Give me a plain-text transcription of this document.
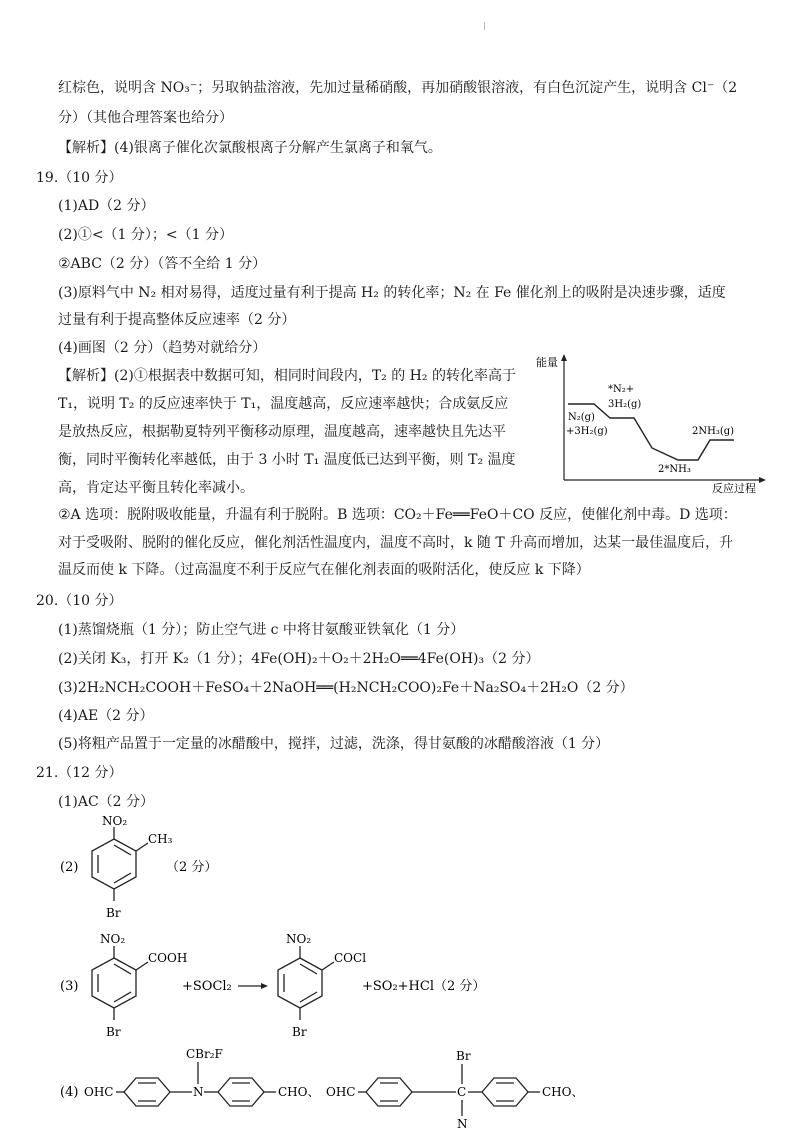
红棕色，说明含 NO₃⁻；另取钠盐溶液，先加过量稀硝酸，再加硝酸银溶液，有白色沉淀产生，说明含 Cl⁻（2
分）（其他合理答案也给分）
【解析】(4)银离子催化次氯酸根离子分解产生氯离子和氧气。
19.（10 分）
(1)AD（2 分）
(2)①<（1 分）；<（1 分）
②ABC（2 分）（答不全给 1 分）
(3)原料气中 N₂ 相对易得，适度过量有利于提高 H₂ 的转化率；N₂ 在 Fe 催化剂上的吸附是决速步骤，适度
过量有利于提高整体反应速率（2 分）
(4)画图（2 分）（趋势对就给分）
【解析】(2)①根据表中数据可知，相同时间段内，T₂ 的 H₂ 的转化率高于
T₁，说明 T₂ 的反应速率快于 T₁，温度越高，反应速率越快；合成氨反应
是放热反应，根据勒夏特列平衡移动原理，温度越高，速率越快且先达平
衡，同时平衡转化率越低，由于 3 小时 T₁ 温度低已达到平衡，则 T₂ 温度
高，肯定达平衡且转化率减小。
能量
反应过程
N₂(g)
+3H₂(g)
*N₂+
3H₂(g)
2*NH₃
2NH₃(g)
②A 选项：脱附吸收能量，升温有利于脱附。B 选项：CO₂＋Fe══FeO＋CO 反应，使催化剂中毒。D 选项：
对于受吸附、脱附的催化反应，催化剂活性温度内，温度不高时，k 随 T 升高而增加，达某一最佳温度后，升
温反而使 k 下降。（过高温度不利于反应气在催化剂表面的吸附活化，使反应 k 下降）
20.（10 分）
(1)蒸馏烧瓶（1 分）；防止空气进 c 中将甘氨酸亚铁氧化（1 分）
(2)关闭 K₃，打开 K₂（1 分）；4Fe(OH)₂＋O₂＋2H₂O══4Fe(OH)₃（2 分）
(3)2H₂NCH₂COOH＋FeSO₄＋2NaOH══(H₂NCH₂COO)₂Fe＋Na₂SO₄＋2H₂O（2 分）
(4)AE（2 分）
(5)将粗产品置于一定量的冰醋酸中，搅拌，过滤，洗涤，得甘氨酸的冰醋酸溶液（1 分）
21.（12 分）
(1)AC（2 分）
(2)
NO₂
CH₃
Br
（2 分）
(3)
NO₂
COOH
Br
+SOCl₂
NO₂
COCl
Br
+SO₂+HCl（2 分）
(4) OHC
CBr₂F
N	CHO、 OHC
Br
C
N
CHO、
